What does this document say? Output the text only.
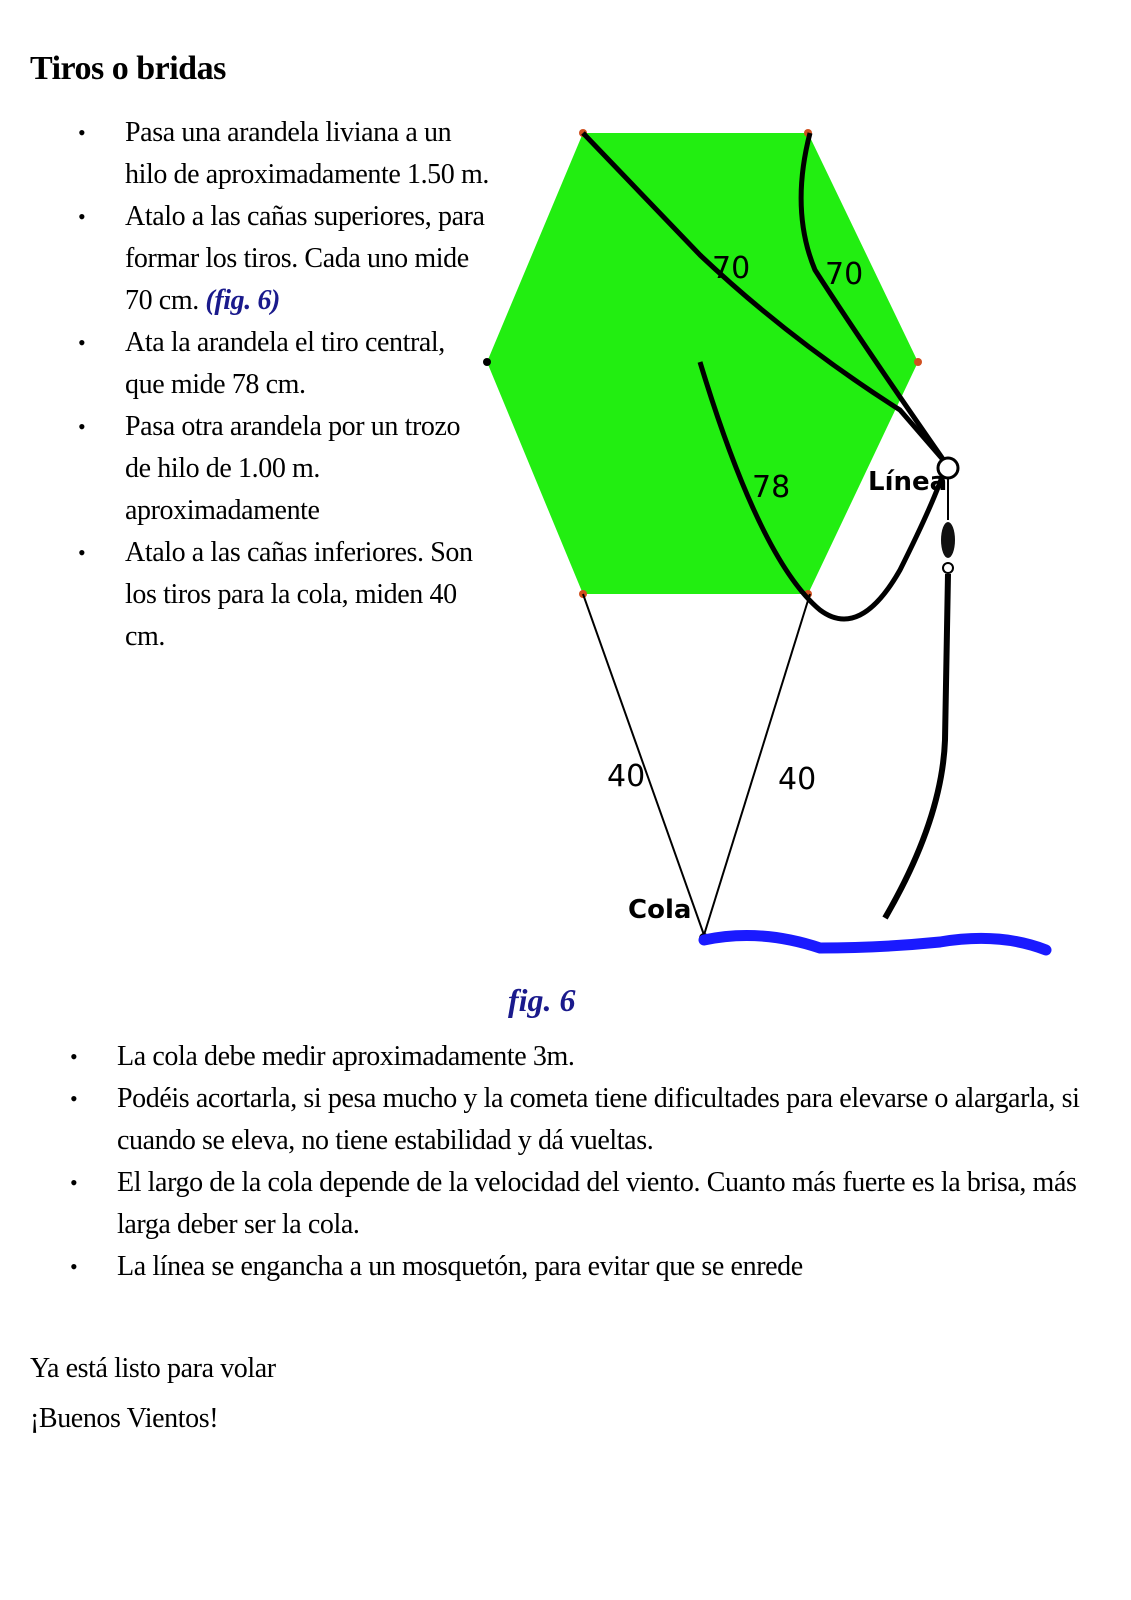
Tiros o bridas
• Pasa una arandela liviana a un hilo de aproximadamente 1.50 m.
• Atalo a las cañas superiores, para formar los tiros. Cada uno mide 70 cm. (fig. 6)
• Ata la arandela el tiro central, que mide 78 cm.
• Pasa otra arandela por un trozo de hilo de 1.00 m. aproximadamente
• Atalo a las cañas inferiores. Son los tiros para la cola, miden 40 cm.
70 70
78	Línea
40	40
Cola
fig. 6
• La cola debe medir aproximadamente 3m.
• Podéis acortarla, si pesa mucho y la cometa tiene dificultades para elevarse o alargarla, si cuando se eleva, no tiene estabilidad y dá vueltas.
• El largo de la cola depende de la velocidad del viento. Cuanto más fuerte es la brisa, más larga deber ser la cola.
• La línea se engancha a un mosquetón, para evitar que se enrede
Ya está listo para volar
¡Buenos Vientos!
